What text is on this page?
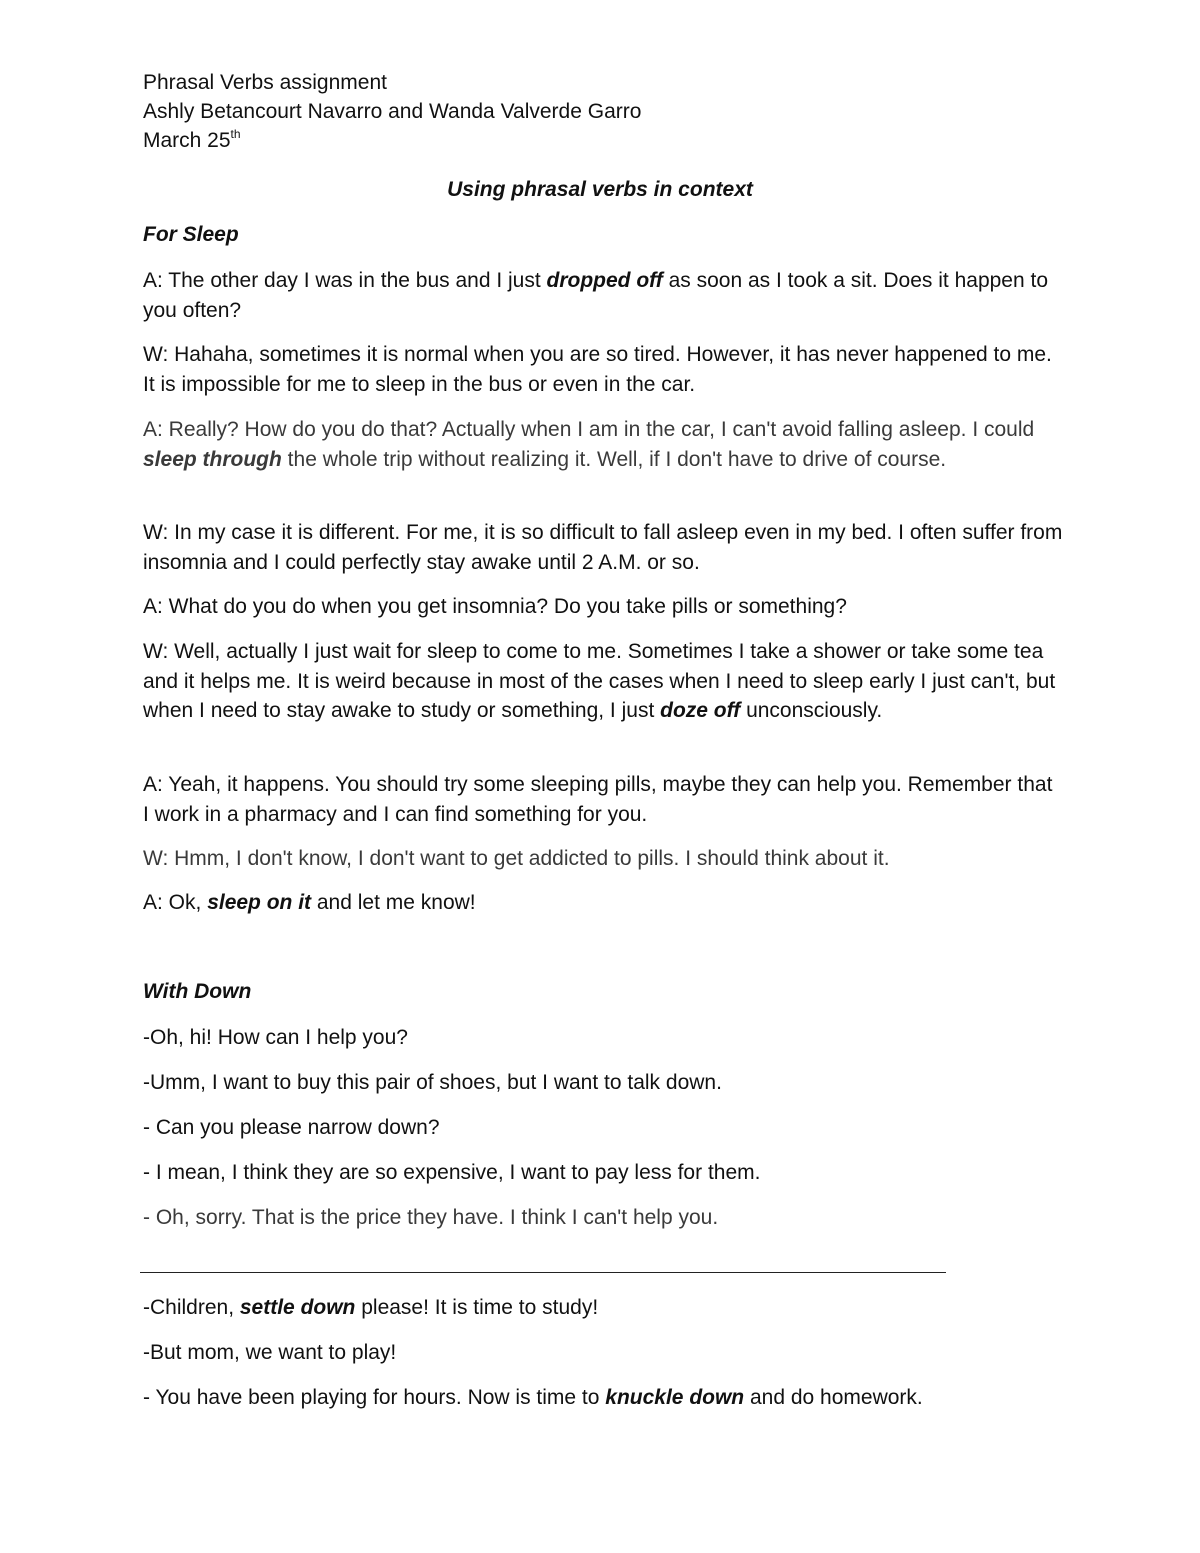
Phrasal Verbs assignment
Ashly Betancourt Navarro and Wanda Valverde Garro
March 25th
Using phrasal verbs in context
For Sleep
A: The other day I was in the bus and I just dropped off as soon as I took a sit. Does it happen to you often?
W: Hahaha, sometimes it is normal when you are so tired. However, it has never happened to me. It is impossible for me to sleep in the bus or even in the car.
A: Really? How do you do that? Actually when I am in the car, I can't avoid falling asleep. I could sleep through the whole trip without realizing it. Well, if I don't have to drive of course.
W: In my case it is different. For me, it is so difficult to fall asleep even in my bed. I often suffer from insomnia and I could perfectly stay awake until 2 A.M. or so.
A: What do you do when you get insomnia? Do you take pills or something?
W: Well, actually I just wait for sleep to come to me. Sometimes I take a shower or take some tea and it helps me. It is weird because in most of the cases when I need to sleep early I just can't, but when I need to stay awake to study or something, I just doze off unconsciously.
A: Yeah, it happens. You should try some sleeping pills, maybe they can help you. Remember that I work in a pharmacy and I can find something for you.
W: Hmm, I don't know, I don't want to get addicted to pills. I should think about it.
A: Ok, sleep on it and let me know!
With Down
-Oh, hi! How can I help you?
-Umm, I want to buy this pair of shoes, but I want to talk down.
- Can you please narrow down?
- I mean, I think they are so expensive, I want to pay less for them.
- Oh, sorry. That is the price they have. I think I can't help you.
-Children, settle down please! It is time to study!
-But mom, we want to play!
- You have been playing for hours. Now is time to knuckle down and do homework.
